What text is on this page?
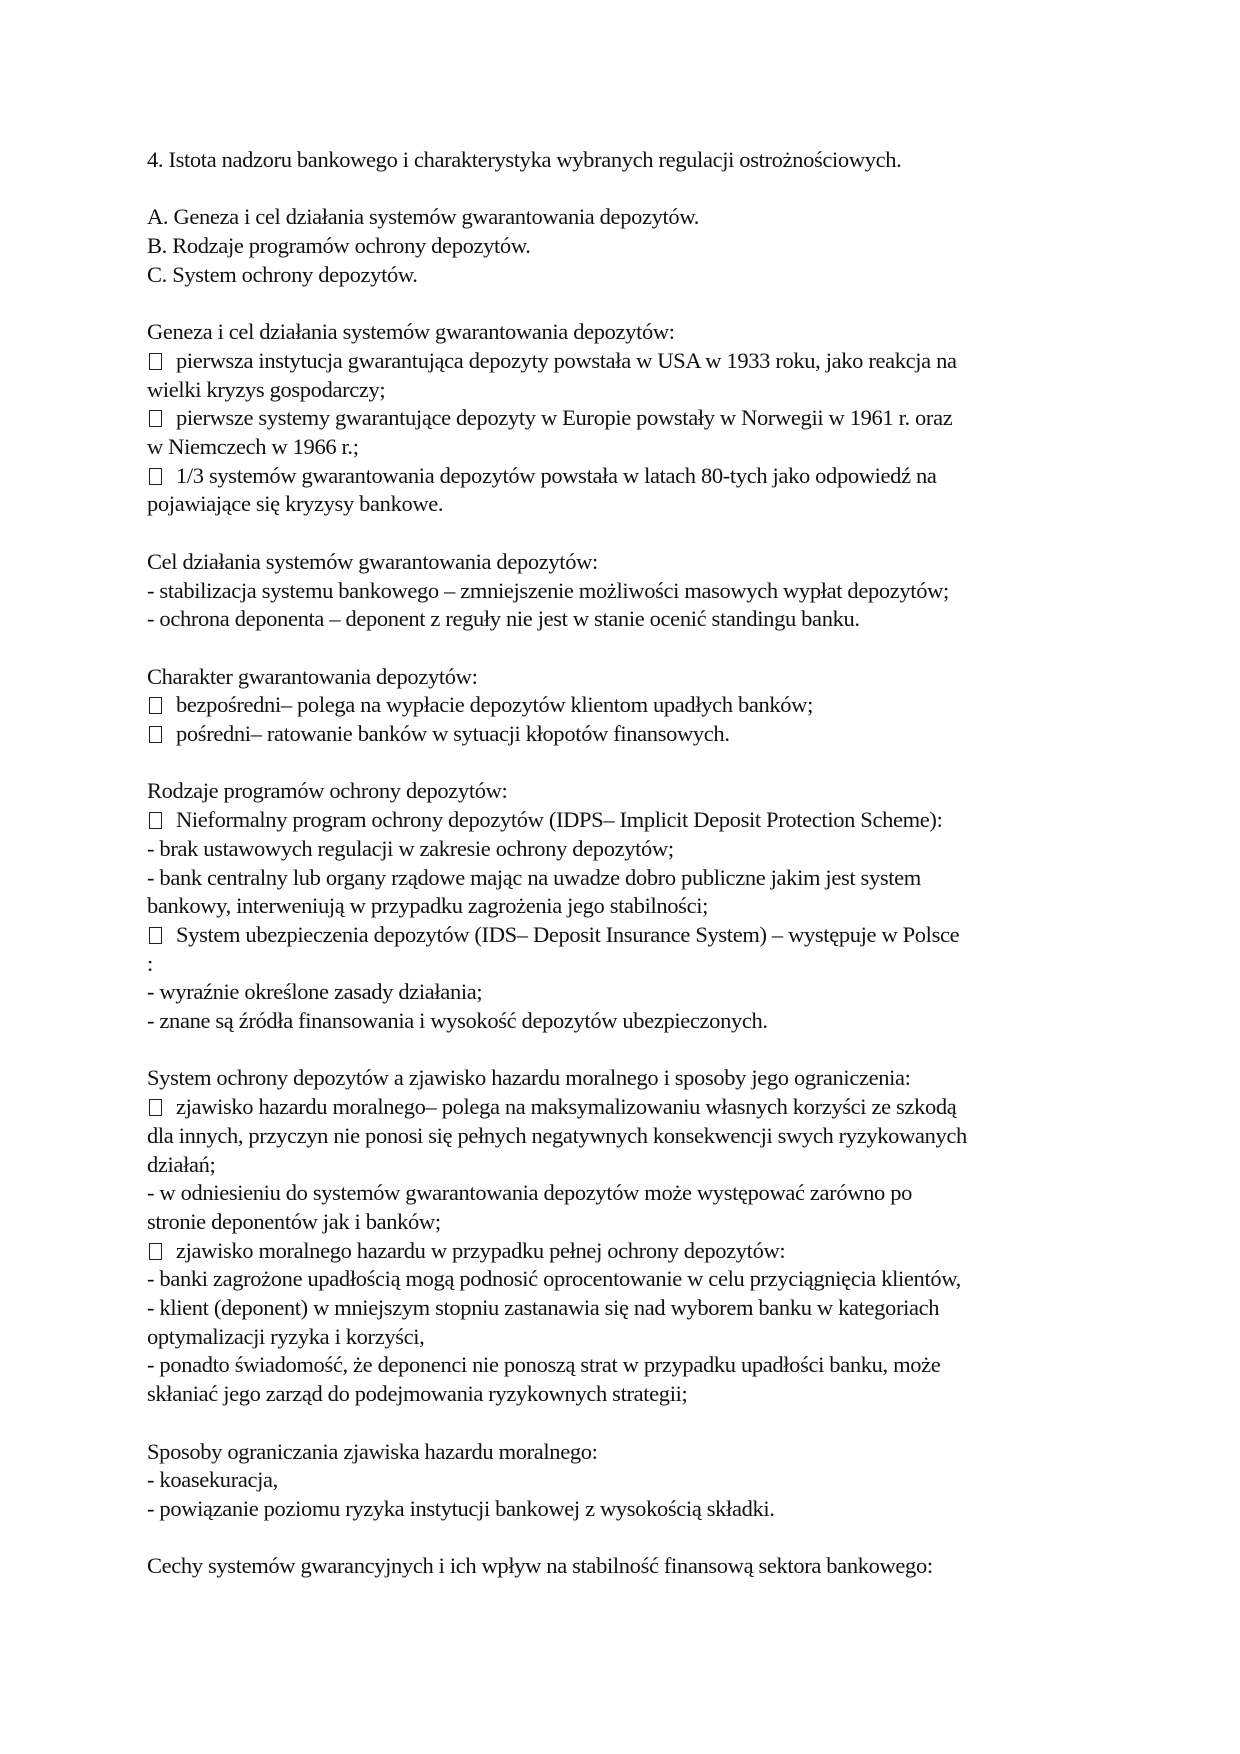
4. Istota nadzoru bankowego i charakterystyka wybranych regulacji ostrożnościowych.
A. Geneza i cel działania systemów gwarantowania depozytów.
B. Rodzaje programów ochrony depozytów.
C. System ochrony depozytów.
Geneza i cel działania systemów gwarantowania depozytów:
pierwsza instytucja gwarantująca depozyty powstała w USA w 1933 roku, jako reakcja na
wielki kryzys gospodarczy;
pierwsze systemy gwarantujące depozyty w Europie powstały w Norwegii w 1961 r. oraz
w Niemczech w 1966 r.;
1/3 systemów gwarantowania depozytów powstała w latach 80-tych jako odpowiedź na
pojawiające się kryzysy bankowe.
Cel działania systemów gwarantowania depozytów:
- stabilizacja systemu bankowego – zmniejszenie możliwości masowych wypłat depozytów;
- ochrona deponenta – deponent z reguły nie jest w stanie ocenić standingu banku.
Charakter gwarantowania depozytów:
bezpośredni– polega na wypłacie depozytów klientom upadłych banków;
pośredni– ratowanie banków w sytuacji kłopotów finansowych.
Rodzaje programów ochrony depozytów:
Nieformalny program ochrony depozytów (IDPS– Implicit Deposit Protection Scheme):
- brak ustawowych regulacji w zakresie ochrony depozytów;
- bank centralny lub organy rządowe mając na uwadze dobro publiczne jakim jest system
bankowy, interweniują w przypadku zagrożenia jego stabilności;
System ubezpieczenia depozytów (IDS– Deposit Insurance System) – występuje w Polsce
:
- wyraźnie określone zasady działania;
- znane są źródła finansowania i wysokość depozytów ubezpieczonych.
System ochrony depozytów a zjawisko hazardu moralnego i sposoby jego ograniczenia:
zjawisko hazardu moralnego– polega na maksymalizowaniu własnych korzyści ze szkodą
dla innych, przyczyn nie ponosi się pełnych negatywnych konsekwencji swych ryzykowanych
działań;
- w odniesieniu do systemów gwarantowania depozytów może występować zarówno po
stronie deponentów jak i banków;
zjawisko moralnego hazardu w przypadku pełnej ochrony depozytów:
- banki zagrożone upadłością mogą podnosić oprocentowanie w celu przyciągnięcia klientów,
- klient (deponent) w mniejszym stopniu zastanawia się nad wyborem banku w kategoriach
optymalizacji ryzyka i korzyści,
- ponadto świadomość, że deponenci nie ponoszą strat w przypadku upadłości banku, może
skłaniać jego zarząd do podejmowania ryzykownych strategii;
Sposoby ograniczania zjawiska hazardu moralnego:
- koasekuracja,
- powiązanie poziomu ryzyka instytucji bankowej z wysokością składki.
Cechy systemów gwarancyjnych i ich wpływ na stabilność finansową sektora bankowego:
